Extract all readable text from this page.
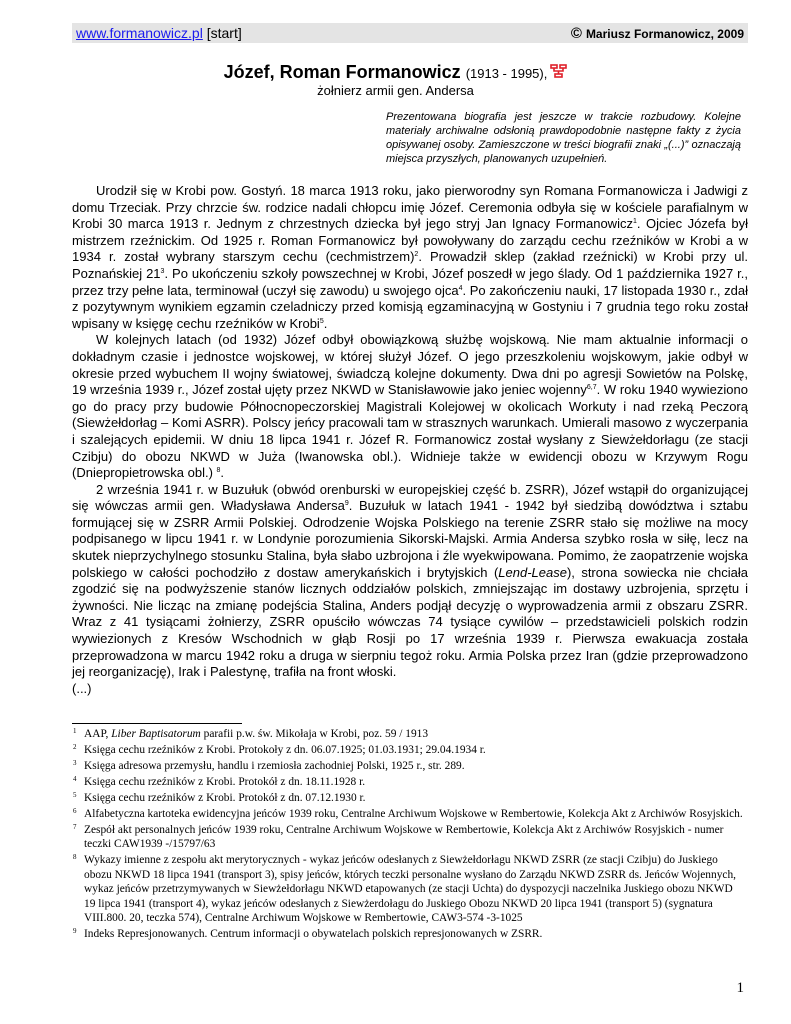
www.formanowicz.pl [start]	© Mariusz Formanowicz, 2009
Józef, Roman Formanowicz (1913 - 1995),
żołnierz armii gen. Andersa

Prezentowana biografia jest jeszcze w trakcie rozbudowy. Kolejne materiały archiwalne odsłonią prawdopodobnie następne fakty z życia opisywanej osoby. Zamieszczone w treści biografii znaki „(...)” oznaczają miejsca przyszłych, planowanych uzupełnień.

Urodził się w Krobi pow. Gostyń. 18 marca 1913 roku, jako pierworodny syn Romana Formanowicza i Jadwigi z domu Trzeciak. Przy chrzcie św. rodzice nadali chłopcu imię Józef. Ceremonia odbyła się w kościele parafialnym w Krobi 30 marca 1913 r. Jednym z chrzestnych dziecka był jego stryj Jan Ignacy Formanowicz$^1$. Ojciec Józefa był mistrzem rzeźnickim. Od 1925 r. Roman Formanowicz był powoływany do zarządu cechu rzeźników w Krobi a w 1934 r. został wybrany starszym cechu (cechmistrzem)$^2$. Prowadził sklep (zakład rzeźnicki) w Krobi przy ul. Poznańskiej $21^3$. Po ukończeniu szkoły powszechnej w Krobi, Józef poszedł w jego ślady. Od 1 października 1927 r., przez trzy pełne lata, terminował (uczył się zawodu) u swojego ojca$^4$. Po zakończeniu nauki, 17 listopada 1930 r., zdał z pozytywnym wynikiem egzamin czeladniczy przed komisją egzaminacyjną w Gostyniu i 7 grudnia tego roku został wpisany w księgę cechu rzeźników w Krobi$^5$.

W kolejnych latach (od 1932) Józef odbył obowiązkową służbę wojskową. Nie mam aktualnie informacji o dokładnym czasie i jednostce wojskowej, w której służył Józef. O jego przeszkoleniu wojskowym, jakie odbył w okresie przed wybuchem II wojny światowej, świadczą kolejne dokumenty. Dwa dni po agresji Sowietów na Polskę, 19 września 1939 r., Józef został ujęty przez NKWD w Stanisławowie jako jeniec wojenny$^{6,7}$. W roku 1940 wywieziono go do pracy przy budowie Północnopeczorskiej Magistrali Kolejowej w okolicach Workuty i nad rzeką Peczorą (Siewżełdorłag – Komi ASRR). Polscy jeńcy pracowali tam w strasznych warunkach. Umierali masowo z wyczerpania i szalejących epidemii. W dniu 18 lipca 1941 r. Józef R. Formanowicz został wysłany z Siewżełdorłagu (ze stacji Czibju) do obozu NKWD w Juża (Iwanowska obl.). Widnieje także w ewidencji obozu w Krzywym Rogu (Dniepropietrowska obl.) $^8$.

2 września 1941 r. w Buzułuk (obwód orenburski w europejskiej część b. ZSRR), Józef wstąpił do organizującej się wówczas armii gen. Władysława Andersa$^9$. Buzułuk w latach 1941 - 1942 był siedzibą dowództwa i sztabu formującej się w ZSRR Armii Polskiej. Odrodzenie Wojska Polskiego na terenie ZSRR stało się możliwe na mocy podpisanego w lipcu 1941 r. w Londynie porozumienia Sikorski-Majski. Armia Andersa szybko rosła w siłę, lecz na skutek nieprzychylnego stosunku Stalina, była słabo uzbrojona i źle wyekwipowana. Pomimo, że zaopatrzenie wojska polskiego w całości pochodziło z dostaw amerykańskich i brytyjskich (Lend-Lease), strona sowiecka nie chciała zgodzić się na podwyższenie stanów licznych oddziałów polskich, zmniejszając im dostawy uzbrojenia, sprzętu i żywności. Nie licząc na zmianę podejścia Stalina, Anders podjął decyzję o wyprowadzenia armii z obszaru ZSRR. Wraz z 41 tysiącami żołnierzy, ZSRR opuściło wówczas 74 tysiące cywilów – przedstawicieli polskich rodzin wywiezionych z Kresów Wschodnich w głąb Rosji po 17 września 1939 r. Pierwsza ewakuacja została przeprowadzona w marcu 1942 roku a druga w sierpniu tegoż roku. Armia Polska przez Iran (gdzie przeprowadzono jej reorganizację), Irak i Palestynę, trafiła na front włoski.

(...)

1 AAP, Liber Baptisatorum parafii p.w. św. Mikołaja w Krobi, poz. 59 / 1913
2 Księga cechu rzeźników z Krobi. Protokoły z dn. 06.07.1925; 01.03.1931; 29.04.1934 r.
3 Księga adresowa przemysłu, handlu i rzemiosła zachodniej Polski, 1925 r., str. 289.
4 Księga cechu rzeźników z Krobi. Protokół z dn. 18.11.1928 r.
5 Księga cechu rzeźników z Krobi. Protokół z dn. 07.12.1930 r.
6 Alfabetyczna kartoteka ewidencyjna jeńców 1939 roku, Centralne Archiwum Wojskowe w Rembertowie, Kolekcja Akt z Archiwów Rosyjskich.
7 Zespół akt personalnych jeńców 1939 roku, Centralne Archiwum Wojskowe w Rembertowie, Kolekcja Akt z Archiwów Rosyjskich - numer teczki CAW1939 -/15797/63
8 Wykazy imienne z zespołu akt merytorycznych - wykaz jeńców odesłanych z Siewżełdorłagu NKWD ZSRR (ze stacji Czibju) do Juskiego obozu NKWD 18 lipca 1941 (transport 3), spisy jeńców, których teczki personalne wysłano do Zarządu NKWD ZSRR ds. Jeńców Wojennych, wykaz jeńców przetrzymywanych w Siewżełdorłagu NKWD etapowanych (ze stacji Uchta) do dyspozycji naczelnika Juskiego obozu NKWD 19 lipca 1941 (transport 4), wykaz jeńców odesłanych z Siewżerdołagu do Juskiego Obozu NKWD 20 lipca 1941 (transport 5) (sygnatura VIII.800. 20, teczka 574), Centralne Archiwum Wojskowe w Rembertowie, CAW3-574 -3-1025
9 Indeks Represjonowanych. Centrum informacji o obywatelach polskich represjonowanych w ZSRR.
1
